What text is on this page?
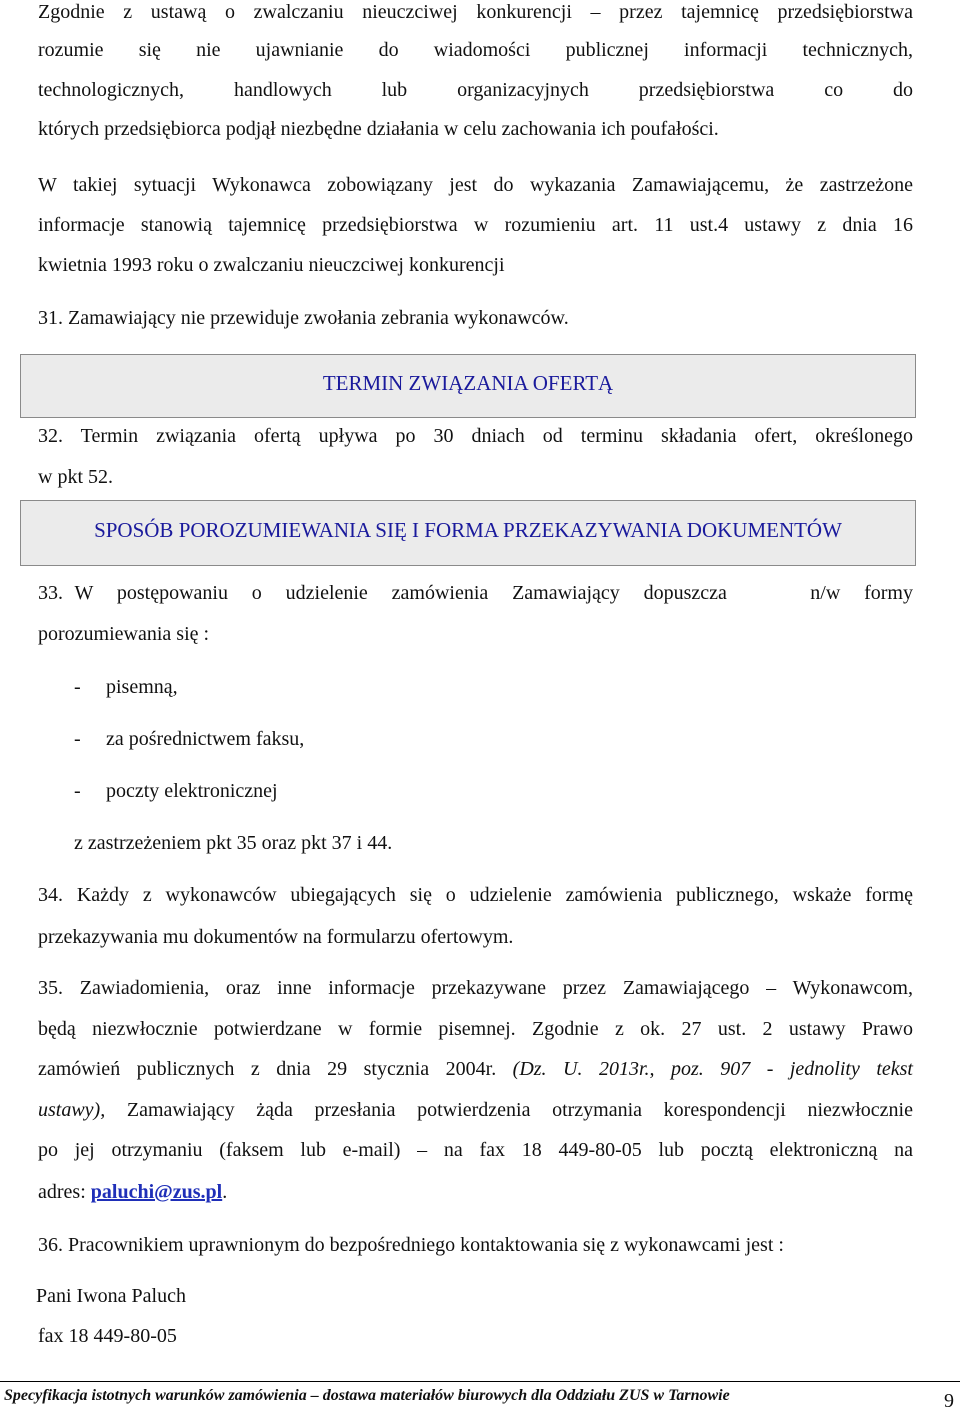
Zgodnie z ustawą o zwalczaniu nieuczciwej konkurencji – przez tajemnicę przedsiębiorstwa
rozumie się nie ujawnianie do wiadomości publicznej informacji technicznych,
technologicznych, handlowych lub organizacyjnych przedsiębiorstwa co do
których przedsiębiorca podjął niezbędne działania w celu zachowania ich poufałości.
W takiej sytuacji Wykonawca zobowiązany jest do wykazania Zamawiającemu, że zastrzeżone
informacje stanowią tajemnicę przedsiębiorstwa w rozumieniu art. 11 ust.4 ustawy z dnia 16
kwietnia 1993 roku o zwalczaniu nieuczciwej konkurencji
31. Zamawiający nie przewiduje zwołania zebrania wykonawców.
TERMIN ZWIĄZANIA OFERTĄ
32. Termin związania ofertą upływa po 30 dniach od terminu składania ofert, określonego
w pkt 52.
SPOSÓB POROZUMIEWANIA SIĘ I FORMA PRZEKAZYWANIA DOKUMENTÓW
33. W  postępowaniu  o  udzielenie  zamówienia  Zamawiający  dopuszcza       n/w  formy
porozumiewania się :
- pisemną,
- za pośrednictwem faksu,
- poczty elektronicznej
z zastrzeżeniem pkt 35 oraz pkt 37 i 44.
34. Każdy z wykonawców ubiegających się o udzielenie zamówienia publicznego, wskaże formę
przekazywania mu dokumentów na formularzu ofertowym.
35. Zawiadomienia, oraz inne informacje przekazywane przez Zamawiającego – Wykonawcom,
będą niezwłocznie potwierdzane w formie pisemnej. Zgodnie z ok. 27 ust. 2 ustawy Prawo
zamówień publicznych z dnia 29 stycznia 2004r. (Dz. U. 2013r., poz. 907 - jednolity tekst
ustawy), Zamawiający żąda przesłania potwierdzenia otrzymania korespondencji niezwłocznie
po jej otrzymaniu (faksem lub e-mail) – na fax 18 449-80-05 lub pocztą elektroniczną na
adres: paluchi@zus.pl.
36. Pracownikiem uprawnionym do bezpośredniego kontaktowania się z wykonawcami jest :
Pani Iwona Paluch
fax 18 449-80-05
Specyfikacja istotnych warunków zamówienia – dostawa materiałów biurowych dla Oddziału ZUS w Tarnowie	9
